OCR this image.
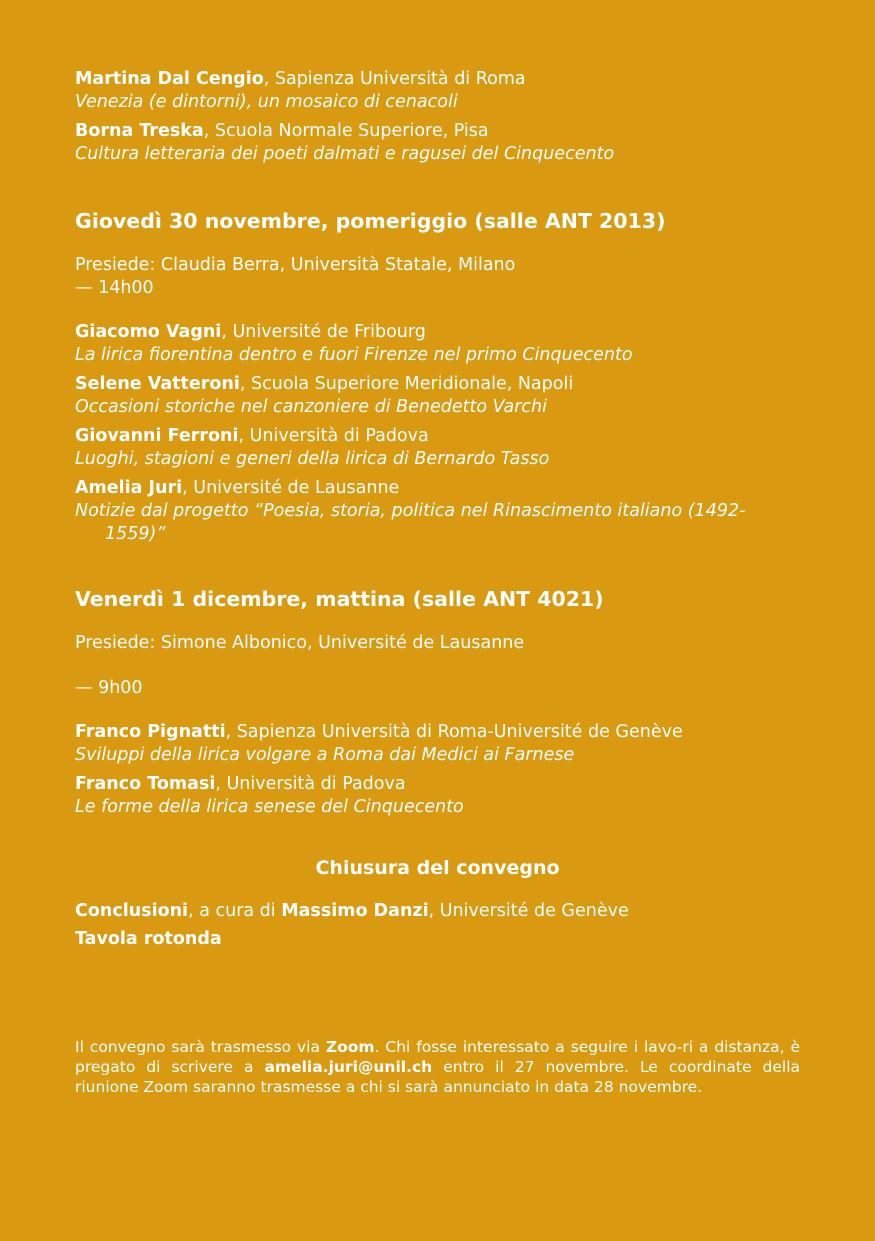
Martina Dal Cengio, Sapienza Università di Roma
Venezia (e dintorni), un mosaico di cenacoli
Borna Treska, Scuola Normale Superiore, Pisa
Cultura letteraria dei poeti dalmati e ragusei del Cinquecento
Giovedì 30 novembre, pomeriggio (salle ANT 2013)
Presiede: Claudia Berra, Università Statale, Milano
— 14h00
Giacomo Vagni, Université de Fribourg
La lirica fiorentina dentro e fuori Firenze nel primo Cinquecento
Selene Vatteroni, Scuola Superiore Meridionale, Napoli
Occasioni storiche nel canzoniere di Benedetto Varchi
Giovanni Ferroni, Università di Padova
Luoghi, stagioni e generi della lirica di Bernardo Tasso
Amelia Juri, Université de Lausanne
Notizie dal progetto “Poesia, storia, politica nel Rinascimento italiano (1492-1559)”
Venerdì 1 dicembre, mattina (salle ANT 4021)
Presiede: Simone Albonico, Université de Lausanne
— 9h00
Franco Pignatti, Sapienza Università di Roma-Université de Genève
Sviluppi della lirica volgare a Roma dai Medici ai Farnese
Franco Tomasi, Università di Padova
Le forme della lirica senese del Cinquecento
Chiusura del convegno
Conclusioni, a cura di Massimo Danzi, Université de Genève
Tavola rotonda
Il convegno sarà trasmesso via Zoom. Chi fosse interessato a seguire i lavo-ri a distanza, è pregato di scrivere a amelia.juri@unil.ch entro il 27 novembre. Le coordinate della riunione Zoom saranno trasmesse a chi si sarà annunciato in data 28 novembre.
